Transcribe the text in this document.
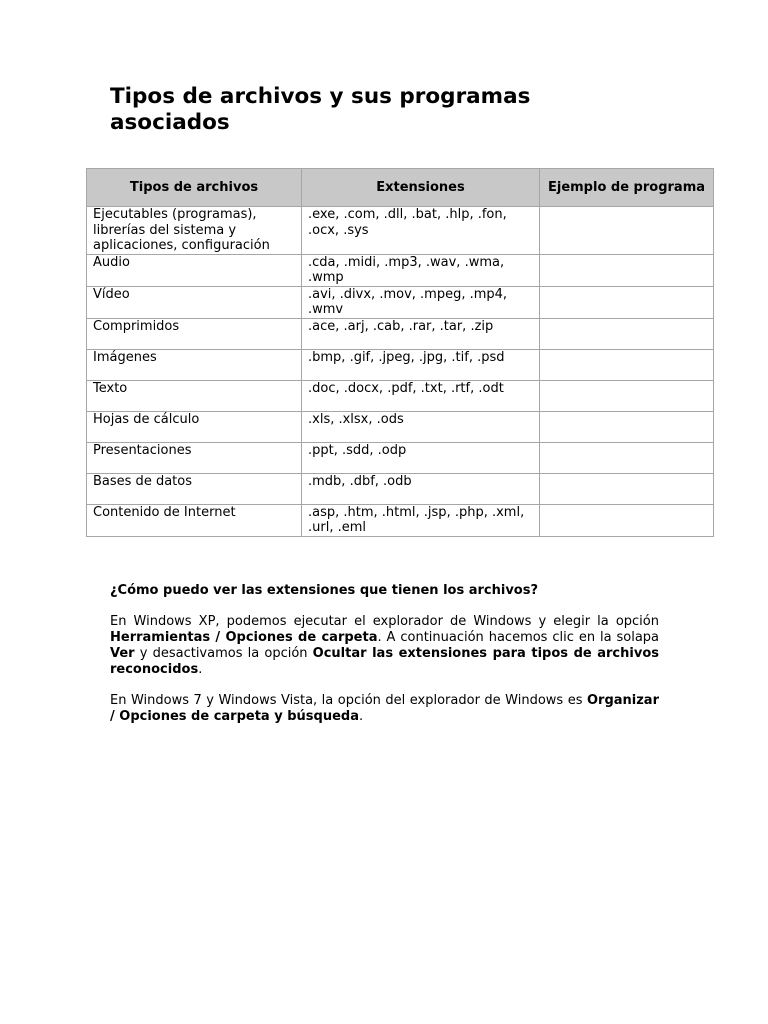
Tipos de archivos y sus programas asociados
Tipos de archivos	Extensiones	Ejemplo de programa
Ejecutables (programas), librerías del sistema y aplicaciones, configuración	.exe, .com, .dll, .bat, .hlp, .fon, .ocx, .sys	
Audio	.cda, .midi, .mp3, .wav, .wma, .wmp	
Vídeo	.avi, .divx, .mov, .mpeg, .mp4, .wmv	
Comprimidos	.ace, .arj, .cab, .rar, .tar, .zip	
Imágenes	.bmp, .gif, .jpeg, .jpg, .tif, .psd	
Texto	.doc, .docx, .pdf, .txt, .rtf, .odt	
Hojas de cálculo	.xls, .xlsx, .ods	
Presentaciones	.ppt, .sdd, .odp	
Bases de datos	.mdb, .dbf, .odb	
Contenido de Internet	.asp, .htm, .html, .jsp, .php, .xml, .url, .eml	

¿Cómo puedo ver las extensiones que tienen los archivos?

En Windows XP, podemos ejecutar el explorador de Windows y elegir la opción Herramientas / Opciones de carpeta. A continuación hacemos clic en la solapa Ver y desactivamos la opción Ocultar las extensiones para tipos de archivos reconocidos.

En Windows 7 y Windows Vista, la opción del explorador de Windows es Organizar / Opciones de carpeta y búsqueda.
